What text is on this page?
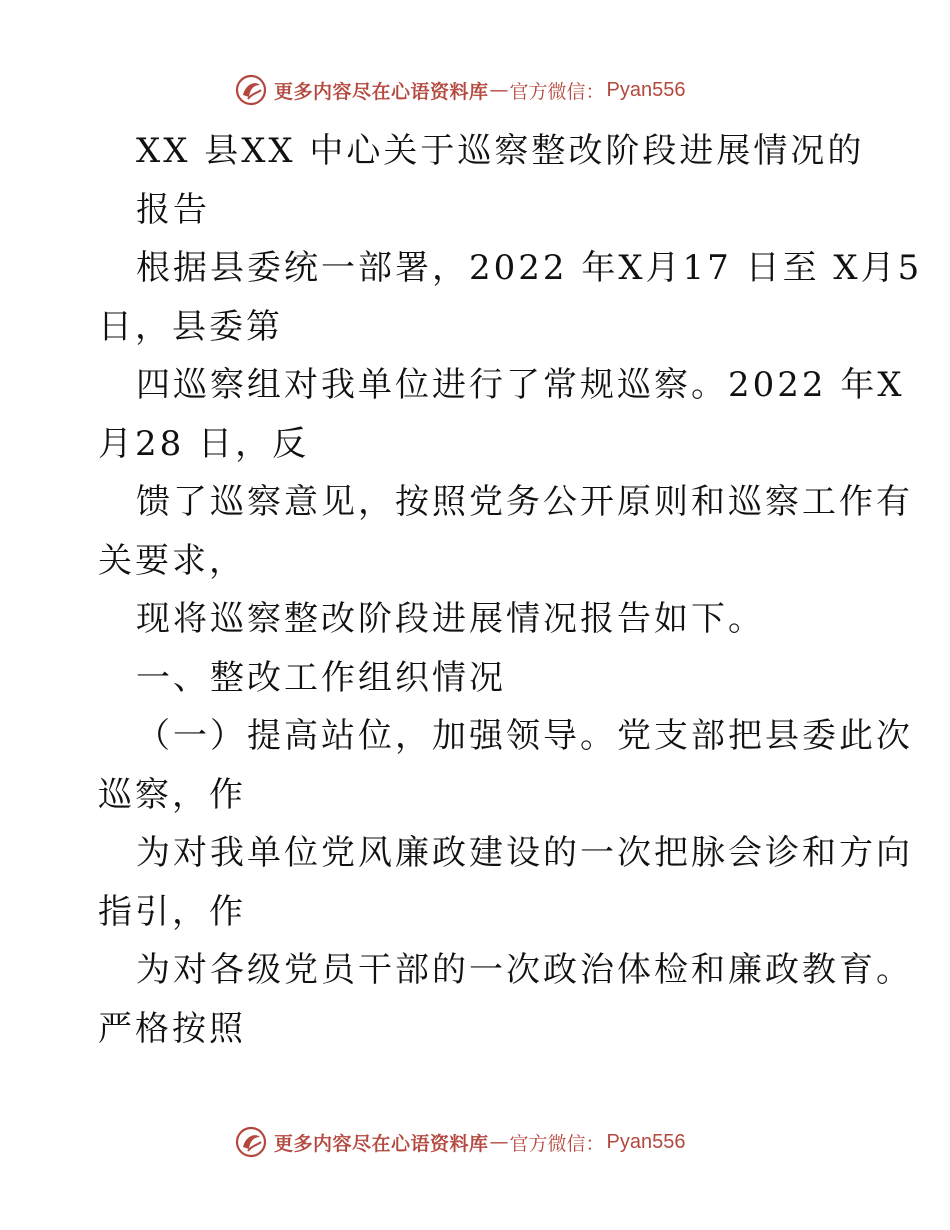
更多内容尽在心语资料库 — 官方微信： Pyan556
XX 县XX 中心关于巡察整改阶段进展情况的
报告
根据县委统一部署，2022 年X月17 日至 X月5
日，县委第
四巡察组对我单位进行了常规巡察。2022 年X
月28 日，反
馈了巡察意见，按照党务公开原则和巡察工作有
关要求，
现将巡察整改阶段进展情况报告如下。
一、整改工作组织情况
（一）提高站位，加强领导。党支部把县委此次
巡察，作
为对我单位党风廉政建设的一次把脉会诊和方向
指引，作
为对各级党员干部的一次政治体检和廉政教育。
严格按照
更多内容尽在心语资料库 — 官方微信： Pyan556
